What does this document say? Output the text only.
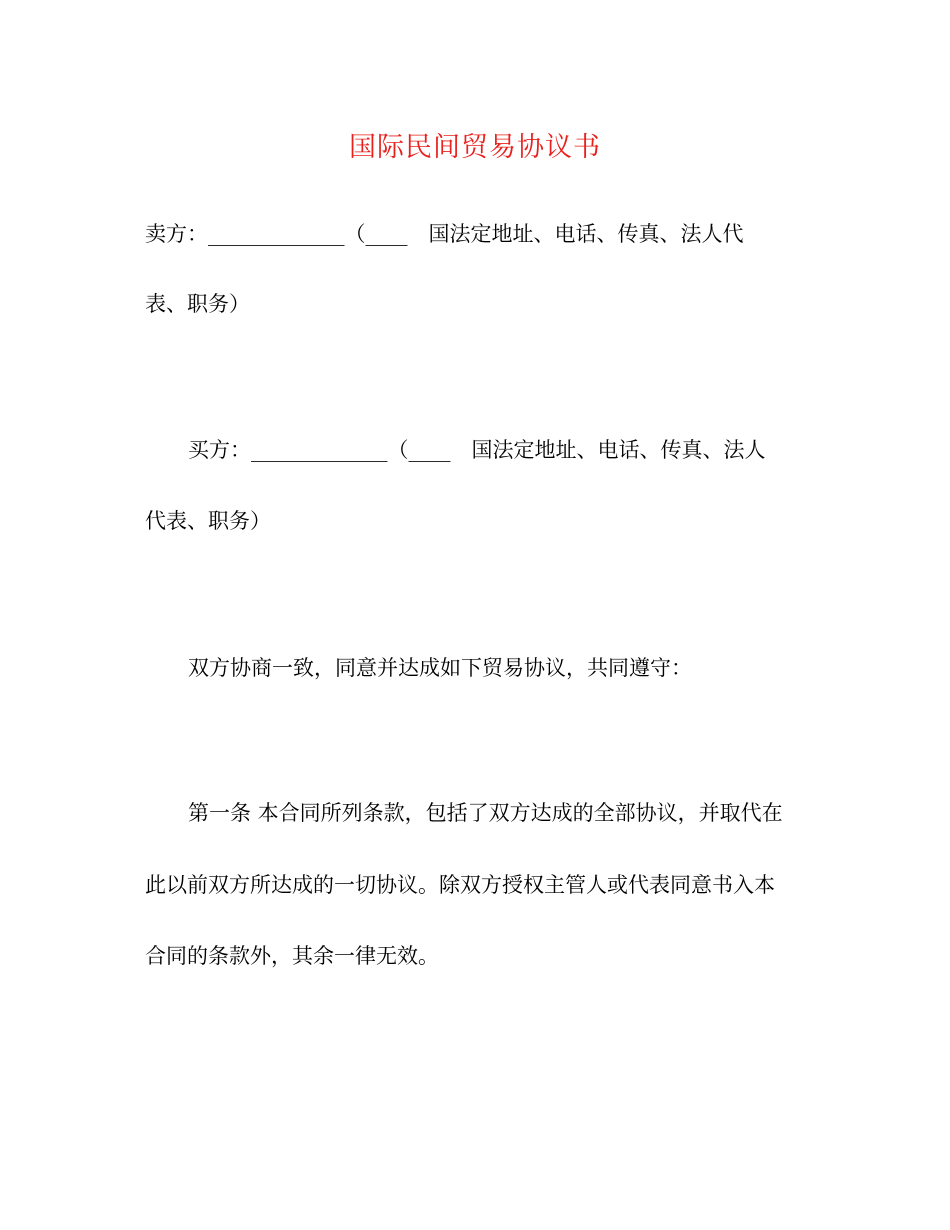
国际民间贸易协议书
卖方：_____________（____　国法定地址、电话、传真、法人代
表、职务）
买方：_____________（____　国法定地址、电话、传真、法人
代表、职务）
双方协商一致，同意并达成如下贸易协议，共同遵守：
第一条 本合同所列条款，包括了双方达成的全部协议，并取代在
此以前双方所达成的一切协议。除双方授权主管人或代表同意书入本
合同的条款外，其余一律无效。
